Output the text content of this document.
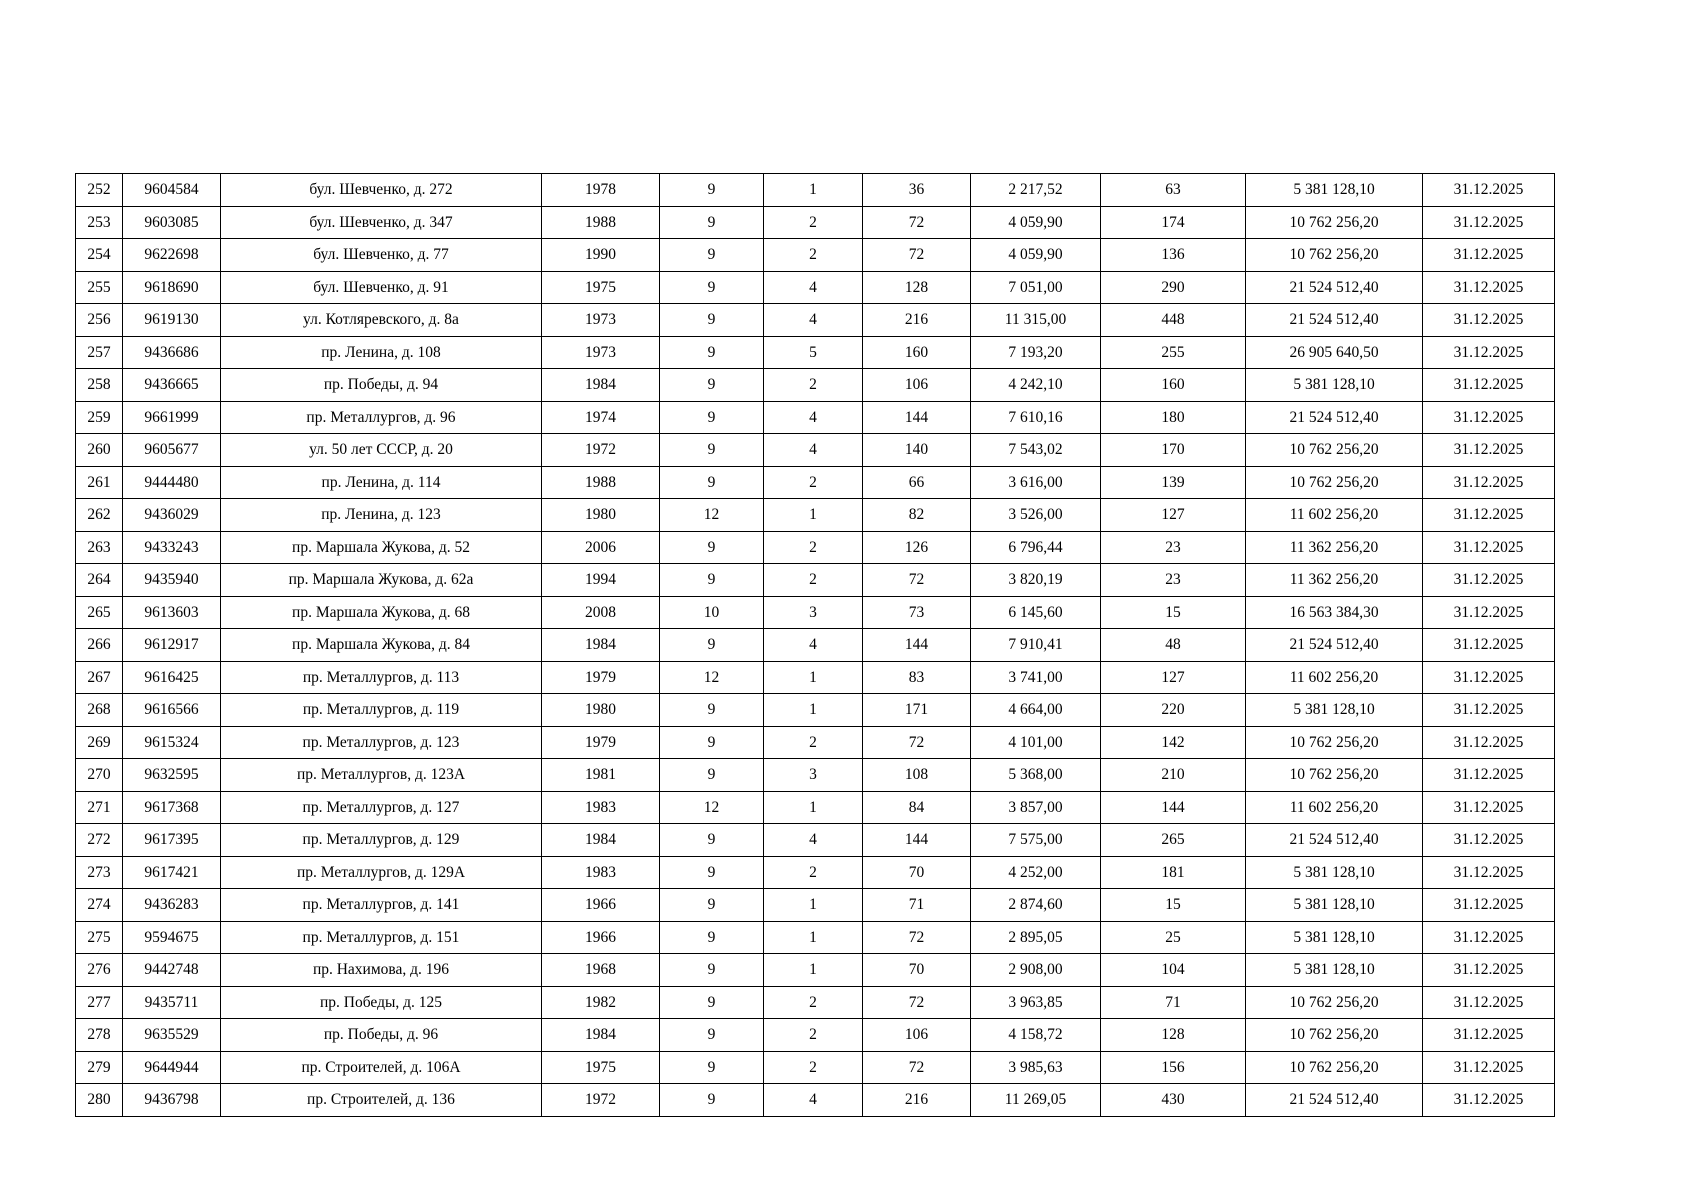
252	9604584	бул. Шевченко, д. 272	1978	9	1	36	2 217,52	63	5 381 128,10	31.12.2025
253	9603085	бул. Шевченко, д. 347	1988	9	2	72	4 059,90	174	10 762 256,20	31.12.2025
254	9622698	бул. Шевченко, д. 77	1990	9	2	72	4 059,90	136	10 762 256,20	31.12.2025
255	9618690	бул. Шевченко, д. 91	1975	9	4	128	7 051,00	290	21 524 512,40	31.12.2025
256	9619130	ул. Котляревского, д. 8а	1973	9	4	216	11 315,00	448	21 524 512,40	31.12.2025
257	9436686	пр. Ленина, д. 108	1973	9	5	160	7 193,20	255	26 905 640,50	31.12.2025
258	9436665	пр. Победы, д. 94	1984	9	2	106	4 242,10	160	5 381 128,10	31.12.2025
259	9661999	пр. Металлургов, д. 96	1974	9	4	144	7 610,16	180	21 524 512,40	31.12.2025
260	9605677	ул. 50 лет СССР, д. 20	1972	9	4	140	7 543,02	170	10 762 256,20	31.12.2025
261	9444480	пр. Ленина, д. 114	1988	9	2	66	3 616,00	139	10 762 256,20	31.12.2025
262	9436029	пр. Ленина, д. 123	1980	12	1	82	3 526,00	127	11 602 256,20	31.12.2025
263	9433243	пр. Маршала Жукова, д. 52	2006	9	2	126	6 796,44	23	11 362 256,20	31.12.2025
264	9435940	пр. Маршала Жукова, д. 62а	1994	9	2	72	3 820,19	23	11 362 256,20	31.12.2025
265	9613603	пр. Маршала Жукова, д. 68	2008	10	3	73	6 145,60	15	16 563 384,30	31.12.2025
266	9612917	пр. Маршала Жукова, д. 84	1984	9	4	144	7 910,41	48	21 524 512,40	31.12.2025
267	9616425	пр. Металлургов, д. 113	1979	12	1	83	3 741,00	127	11 602 256,20	31.12.2025
268	9616566	пр. Металлургов, д. 119	1980	9	1	171	4 664,00	220	5 381 128,10	31.12.2025
269	9615324	пр. Металлургов, д. 123	1979	9	2	72	4 101,00	142	10 762 256,20	31.12.2025
270	9632595	пр. Металлургов, д. 123А	1981	9	3	108	5 368,00	210	10 762 256,20	31.12.2025
271	9617368	пр. Металлургов, д. 127	1983	12	1	84	3 857,00	144	11 602 256,20	31.12.2025
272	9617395	пр. Металлургов, д. 129	1984	9	4	144	7 575,00	265	21 524 512,40	31.12.2025
273	9617421	пр. Металлургов, д. 129А	1983	9	2	70	4 252,00	181	5 381 128,10	31.12.2025
274	9436283	пр. Металлургов, д. 141	1966	9	1	71	2 874,60	15	5 381 128,10	31.12.2025
275	9594675	пр. Металлургов, д. 151	1966	9	1	72	2 895,05	25	5 381 128,10	31.12.2025
276	9442748	пр. Нахимова, д. 196	1968	9	1	70	2 908,00	104	5 381 128,10	31.12.2025
277	9435711	пр. Победы, д. 125	1982	9	2	72	3 963,85	71	10 762 256,20	31.12.2025
278	9635529	пр. Победы, д. 96	1984	9	2	106	4 158,72	128	10 762 256,20	31.12.2025
279	9644944	пр. Строителей, д. 106А	1975	9	2	72	3 985,63	156	10 762 256,20	31.12.2025
280	9436798	пр. Строителей, д. 136	1972	9	4	216	11 269,05	430	21 524 512,40	31.12.2025
